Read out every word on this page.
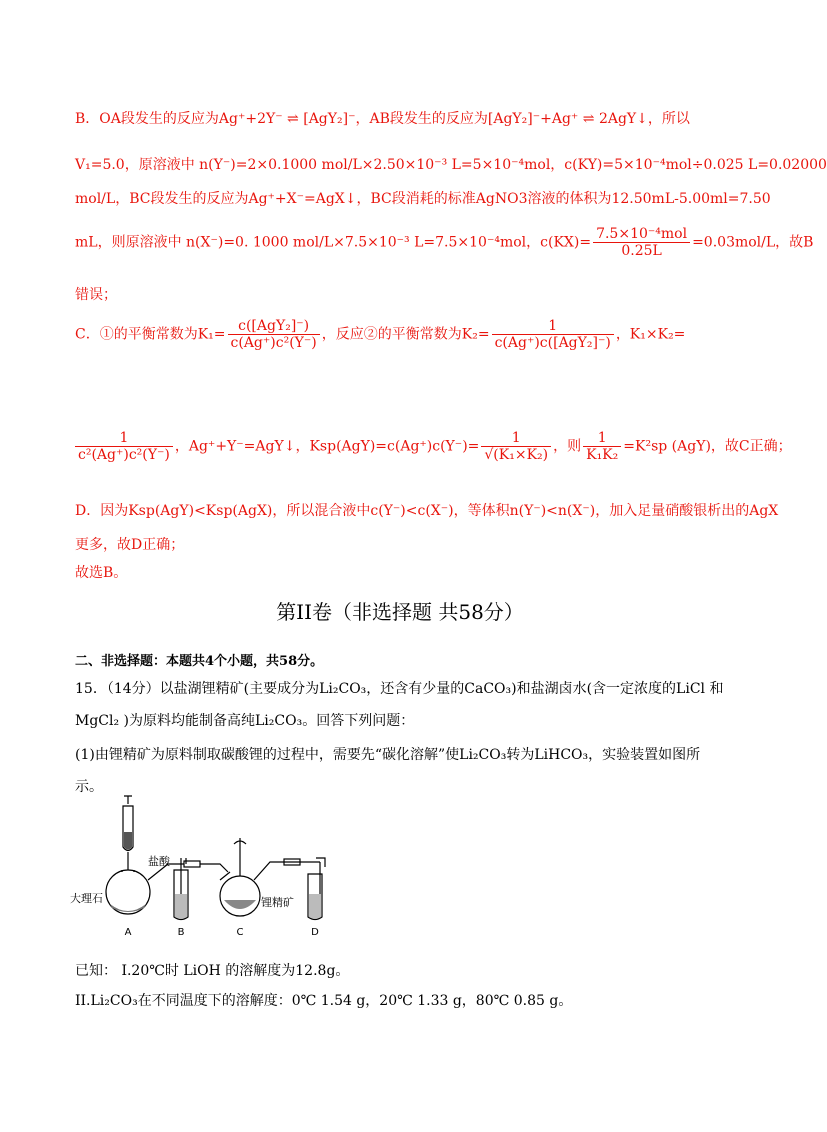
B．OA段发生的反应为Ag⁺+2Y⁻ ⇌ [AgY₂]⁻，AB段发生的反应为[AgY₂]⁻+Ag⁺ ⇌ 2AgY↓，所以
V₁=5.0，原溶液中 n(Y⁻)=2×0.1000 mol/L×2.50×10⁻³ L=5×10⁻⁴mol，c(KY)=5×10⁻⁴mol÷0.025 L=0.02000
mol/L，BC段发生的反应为Ag⁺+X⁻=AgX↓，BC段消耗的标准AgNO3溶液的体积为12.50mL-5.00ml=7.50
mL，则原溶液中 n(X⁻)=0. 1000 mol/L×7.5×10⁻³ L=7.5×10⁻⁴mol，$c(KX)= \frac{\text{7.5×10⁻⁴mol}}{0.25L} =0.03mol/L$，故B
错误；
C．①的平衡常数为$K_1= \frac{\text{c([AgY₂]⁻)}}{\text{c(Ag⁺)c²(Y⁻)}}$ ，反应②的平衡常数为$K_2= \frac{1}{\text{c(Ag⁺)c([AgY₂]⁻)}}$ ，K₁×K₂=
$\frac{1}{\text{c²(Ag⁺)c²(Y⁻)}}$ ，Ag⁺+Y⁻=AgY↓，$Ksp(AgY)=c(Ag^+)c(Y^-)= \frac{1}{\text{√(K₁×K₂)}}$ ，则 $\frac{1}{\text{K₁K₂}} =K^2sp$ (AgY)，故C正确；
D．因为Ksp(AgY)<Ksp(AgX)，所以混合液中c(Y⁻)<c(X⁻)，等体积n(Y⁻)<n(X⁻)，加入足量硝酸银析出的AgX
更多，故D正确；
故选B。
第II卷（非选择题 共58分）
二、非选择题：本题共4个小题，共58分。
15．（14分）以盐湖锂精矿(主要成分为Li₂CO₃，还含有少量的CaCO₃)和盐湖卤水(含一定浓度的LiCl 和
MgCl₂ )为原料均能制备高纯Li₂CO₃。回答下列问题：
(1)由锂精矿为原料制取碳酸锂的过程中，需要先“碳化溶解”使Li₂CO₃转为LiHCO₃，实验装置如图所
示。
盐酸
大理石	锂精矿
A	B	C	D
已知： I.20℃时 LiOH 的溶解度为12.8g。
II.Li₂CO₃在不同温度下的溶解度：0℃ 1.54 g，20℃ 1.33 g，80℃ 0.85 g。
